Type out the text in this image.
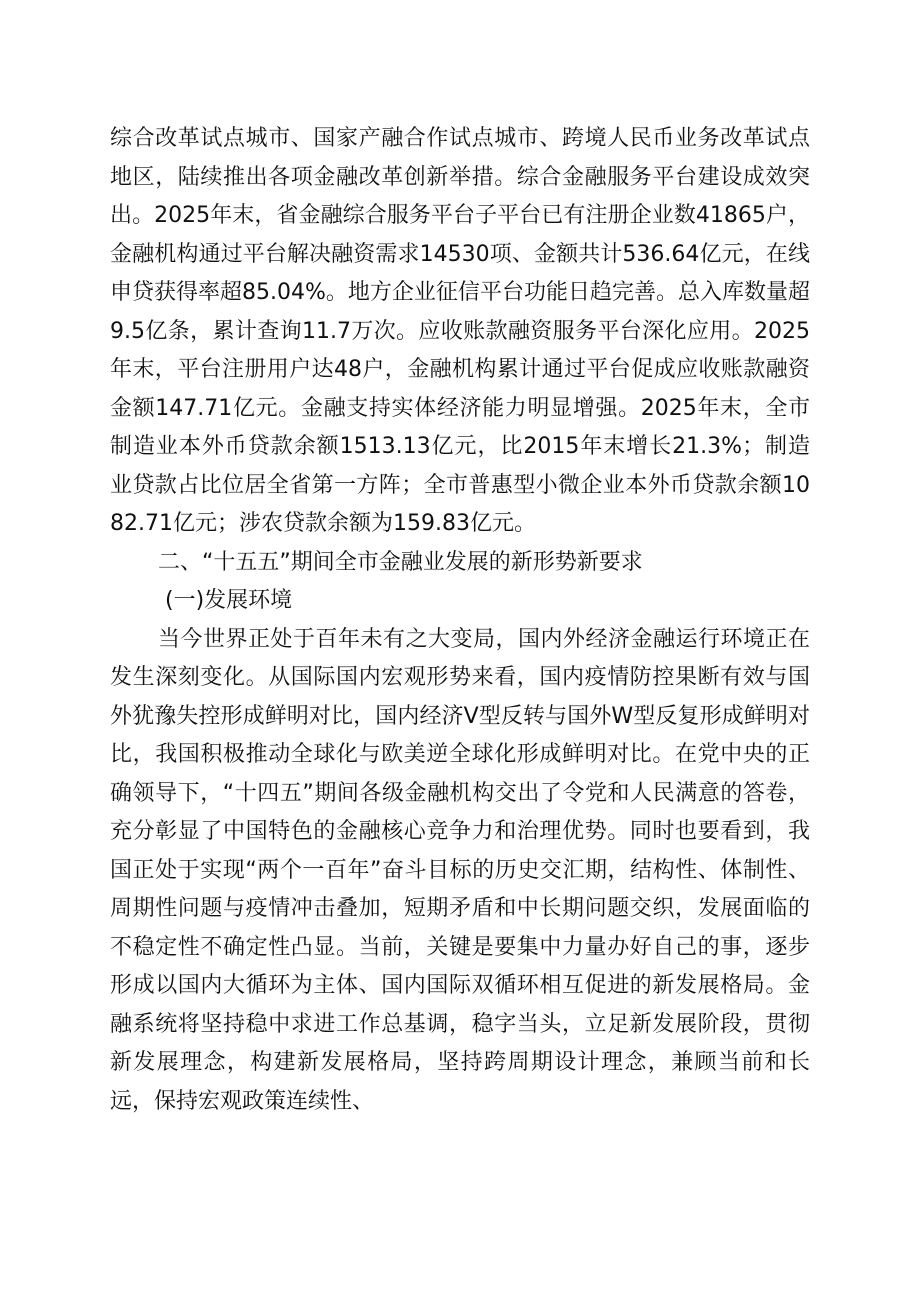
综合改革试点城市、国家产融合作试点城市、跨境人民币业务改革试点地区，陆续推出各项金融改革创新举措。综合金融服务平台建设成效突出。2025年末，省金融综合服务平台子平台已有注册企业数41865户，金融机构通过平台解决融资需求14530项、金额共计536.64亿元，在线申贷获得率超85.04%。地方企业征信平台功能日趋完善。总入库数量超9.5亿条，累计查询11.7万次。应收账款融资服务平台深化应用。2025年末，平台注册用户达48户，金融机构累计通过平台促成应收账款融资金额147.71亿元。金融支持实体经济能力明显增强。2025年末，全市制造业本外币贷款余额1513.13亿元，比2015年末增长21.3%；制造业贷款占比位居全省第一方阵；全市普惠型小微企业本外币贷款余额1082.71亿元；涉农贷款余额为159.83亿元。

二、“十五五”期间全市金融业发展的新形势新要求

(一)发展环境

当今世界正处于百年未有之大变局，国内外经济金融运行环境正在发生深刻变化。从国际国内宏观形势来看，国内疫情防控果断有效与国外犹豫失控形成鲜明对比，国内经济V型反转与国外W型反复形成鲜明对比，我国积极推动全球化与欧美逆全球化形成鲜明对比。在党中央的正确领导下，“十四五”期间各级金融机构交出了令党和人民满意的答卷，充分彰显了中国特色的金融核心竞争力和治理优势。同时也要看到，我国正处于实现“两个一百年”奋斗目标的历史交汇期，结构性、体制性、周期性问题与疫情冲击叠加，短期矛盾和中长期问题交织，发展面临的不稳定性不确定性凸显。当前，关键是要集中力量办好自己的事，逐步形成以国内大循环为主体、国内国际双循环相互促进的新发展格局。金融系统将坚持稳中求进工作总基调，稳字当头，立足新发展阶段，贯彻新发展理念，构建新发展格局，坚持跨周期设计理念，兼顾当前和长远，保持宏观政策连续性、
